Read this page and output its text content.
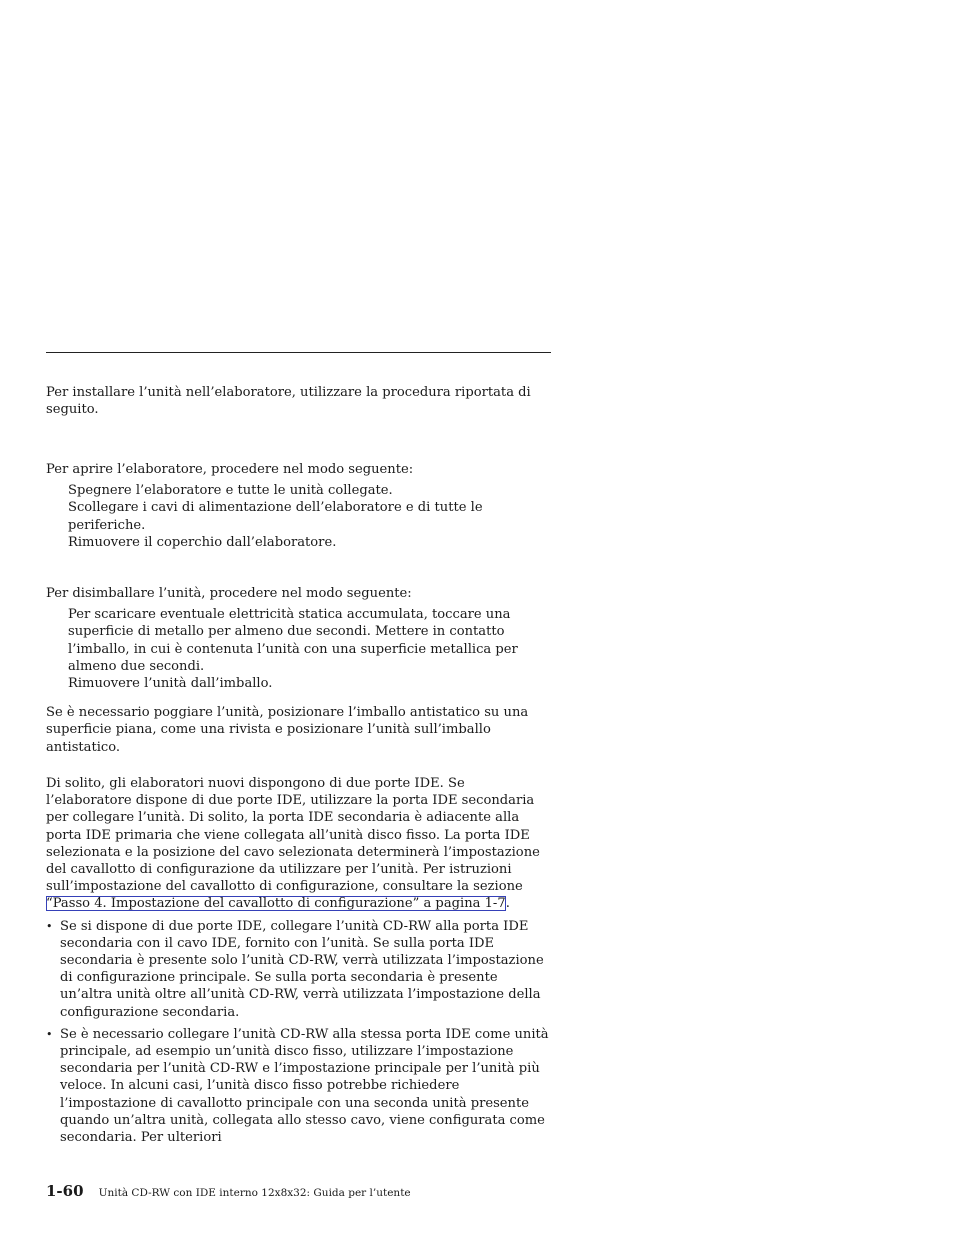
Per installare l’unità nell’elaboratore, utilizzare la procedura riportata di seguito.

Per aprire l’elaboratore, procedere nel modo seguente:

Spegnere l’elaboratore e tutte le unità collegate.

Scollegare i cavi di alimentazione dell’elaboratore e di tutte le periferiche.

Rimuovere il coperchio dall’elaboratore.

Per disimballare l’unità, procedere nel modo seguente:

Per scaricare eventuale elettricità statica accumulata, toccare una superficie di metallo per almeno due secondi. Mettere in contatto l’imballo, in cui è contenuta l’unità con una superficie metallica per almeno due secondi.

Rimuovere l’unità dall’imballo.

Se è necessario poggiare l’unità, posizionare l’imballo antistatico su una superficie piana, come una rivista e posizionare l’unità sull’imballo antistatico.

Di solito, gli elaboratori nuovi dispongono di due porte IDE. Se l’elaboratore dispone di due porte IDE, utilizzare la porta IDE secondaria per collegare l’unità. Di solito, la porta IDE secondaria è adiacente alla porta IDE primaria che viene collegata all’unità disco fisso. La porta IDE selezionata e la posizione del cavo selezionata determinerà l’impostazione del cavallotto di configurazione da utilizzare per l’unità. Per istruzioni sull’impostazione del cavallotto di configurazione, consultare la sezione “Passo 4. Impostazione del cavallotto di configurazione” a pagina 1-7.

• Se si dispone di due porte IDE, collegare l’unità CD-RW alla porta IDE secondaria con il cavo IDE, fornito con l’unità. Se sulla porta IDE secondaria è presente solo l’unità CD-RW, verrà utilizzata l’impostazione di configurazione principale. Se sulla porta secondaria è presente un’altra unità oltre all’unità CD-RW, verrà utilizzata l’impostazione della configurazione secondaria.
• Se è necessario collegare l’unità CD-RW alla stessa porta IDE come unità principale, ad esempio un’unità disco fisso, utilizzare l’impostazione secondaria per l’unità CD-RW e l’impostazione principale per l’unità più veloce. In alcuni casi, l’unità disco fisso potrebbe richiedere l’impostazione di cavallotto principale con una seconda unità presente quando un’altra unità, collegata allo stesso cavo, viene configurata come secondaria. Per ulteriori
1-60 Unità CD-RW con IDE interno 12x8x32: Guida per l’utente
